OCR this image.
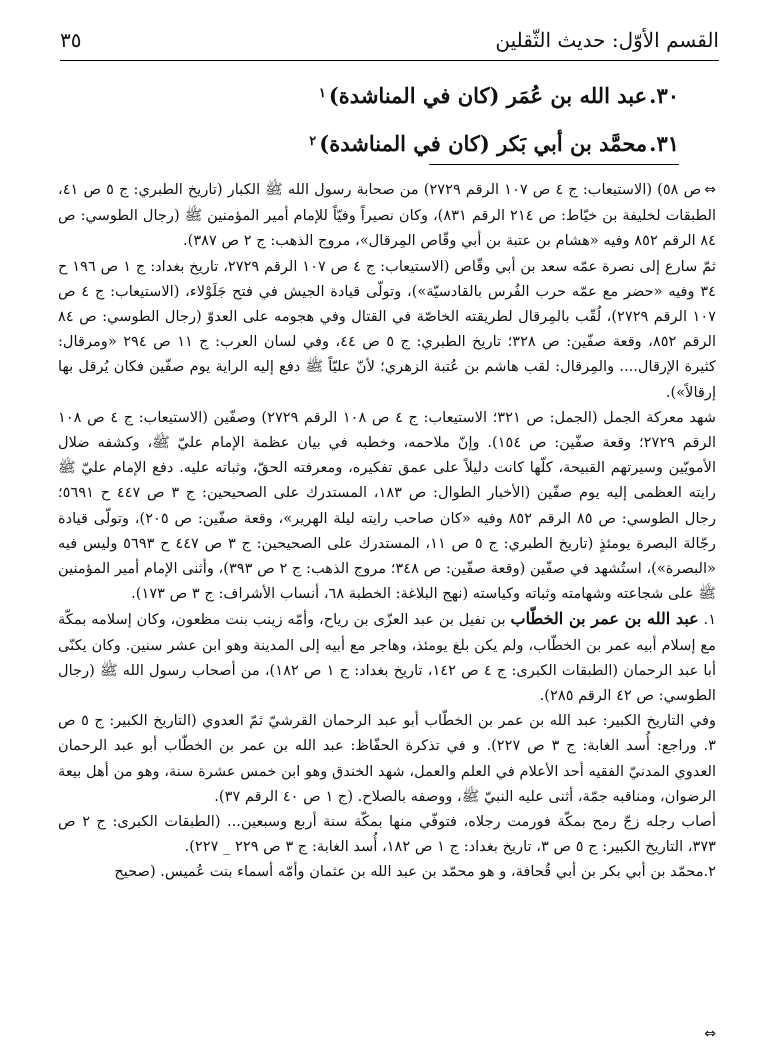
القسم الأوّل: حديث الثّقلين
٣٥
٣٠.
عبد الله بن عُمَر (كان في المناشدة)
$^١$
٣١.
محمَّد بن أبي بَكر (كان في المناشدة)
$^٢$

⇔ص ٥٨) (الاستيعاب: ج ٤ ص ١٠٧ الرقم ٢٧٢٩) من صحابة رسول الله ﷺ الكبار (تاريخ الطبري: ج ٥ ص ٤١، الطبقات لخليفة بن خيّاط: ص ٢١٤ الرقم ٨٣١)، وكان نصيراً وفيّاً للإمام أمير المؤمنين ﷺ (رجال الطوسي: ص ٨٤ الرقم ٨٥٢ وفيه «هشام بن عتبة بن أبي وقّاص المِرقال»، مروج الذهب: ج ٢ ص ٣٨٧).

ثمّ سارع إلى نصرة عمّه سعد بن أبي وقّاص (الاستيعاب: ج ٤ ص ١٠٧ الرقم ٢٧٢٩، تاريخ بغداد: ج ١ ص ١٩٦ ح ٣٤ وفيه «حضر مع عمّه حرب الفُرس بالقادسيّة»)، وتولّى قيادة الجيش في فتح جَلَوْلاء، (الاستيعاب: ج ٤ ص ١٠٧ الرقم ٢٧٢٩)، لُقّب بالمِرقال لطريقته الخاصّة في القتال وفي هجومه على العدوّ (رجال الطوسي: ص ٨٤ الرقم ٨٥٢، وقعة صفّين: ص ٣٢٨؛ تاريخ الطبري: ج ٥ ص ٤٤، وفي لسان العرب: ج ١١ ص ٢٩٤ «ومرقال: كثيرة الإرقال.... والمِرقال: لقب هاشم بن عُتبة الزهري؛ لأنّ عليّاً ﷺ دفع إليه الراية يوم صفّين فكان يُرقل بها إرقالاً»).

شهد معركة الجمل (الجمل: ص ٣٢١؛ الاستيعاب: ج ٤ ص ١٠٨ الرقم ٢٧٢٩) وصفّين (الاستيعاب: ج ٤ ص ١٠٨ الرقم ٢٧٢٩؛ وقعة صفّين: ص ١٥٤). وإنّ ملاحمه، وخطبه في بيان عظمة الإمام عليّ ﷺ، وكشفه ضلال الأمويّين وسيرتهم القبيحة، كلّها كانت دليلاً على عمق تفكيره، ومعرفته الحقّ، وثباته عليه. دفع الإمام عليّ ﷺ رايته العظمى إليه يوم صفّين (الأخبار الطوال: ص ١٨٣، المستدرك على الصحيحين: ج ٣ ص ٤٤٧ ح ٥٦٩١؛ رجال الطوسي: ص ٨٥ الرقم ٨٥٢ وفيه «كان صاحب رايته ليلة الهرير»، وقعة صفّين: ص ٢٠٥)، وتولّى قيادة رجّالة البصرة يومئذٍ (تاريخ الطبري: ج ٥ ص ١١، المستدرك على الصحيحين: ج ٣ ص ٤٤٧ ح ٥٦٩٣ وليس فيه «البصرة»)، استُشهد في صفّين (وقعة صفّين: ص ٣٤٨؛ مروج الذهب: ج ٢ ص ٣٩٣)، وأثنى الإمام أمير المؤمنين ﷺ على شجاعته وشهامته وثباته وكياسته (نهج البلاغة: الخطبة ٦٨، أنساب الأشراف: ج ٣ ص ١٧٣).

١. عبد الله بن عمر بن الخطّاب بن نفيل بن عبد العزّى بن رياح، وأمّه زينب بنت مظعون، وكان إسلامه بمكّة مع إسلام أبيه عمر بن الخطّاب، ولم يكن بلغ يومئذ، وهاجر مع أبيه إلى المدينة وهو ابن عشر سنين. وكان يكنّى أبا عبد الرحمان (الطبقات الكبرى: ج ٤ ص ١٤٢، تاريخ بغداد: ج ١ ص ١٨٢)، من أصحاب رسول الله ﷺ (رجال الطوسي: ص ٤٢ الرقم ٢٨٥).

وفي التاريخ الكبير: عبد الله بن عمر بن الخطّاب أبو عبد الرحمان القرشيّ ثمّ العدوي (التاريخ الكبير: ج ٥ ص ٣. وراجع: أُسد الغابة: ج ٣ ص ٢٢٧). و في تذكرة الحفّاظ: عبد الله بن عمر بن الخطّاب أبو عبد الرحمان العدوي المدنيّ الفقيه أحد الأعلام في العلم والعمل، شهد الخندق وهو ابن خمس عشرة سنة، وهو من أهل بيعة الرضوان، ومناقبه جمّة، أثنى عليه النبيّ ﷺ، ووصفه بالصلاح. (ج ١ ص ٤٠ الرقم ٣٧).

أصاب رجله زجّ رمح بمكّة فورمت رجلاه، فتوفّي منها بمكّة سنة أربع وسبعين... (الطبقات الكبرى: ج ٢ ص ٣٧٣، التاريخ الكبير: ج ٥ ص ٣، تاريخ بغداد: ج ١ ص ١٨٢، أُسد الغابة: ج ٣ ص ٢٢٩ _ ٢٢٧).

٢.محمّد بن أبي بكر بن أبي قُحافة، و هو محمّد بن عبد الله بن عثمان وأمّه أسماء بنت عُميس. (صحيح

⇔
